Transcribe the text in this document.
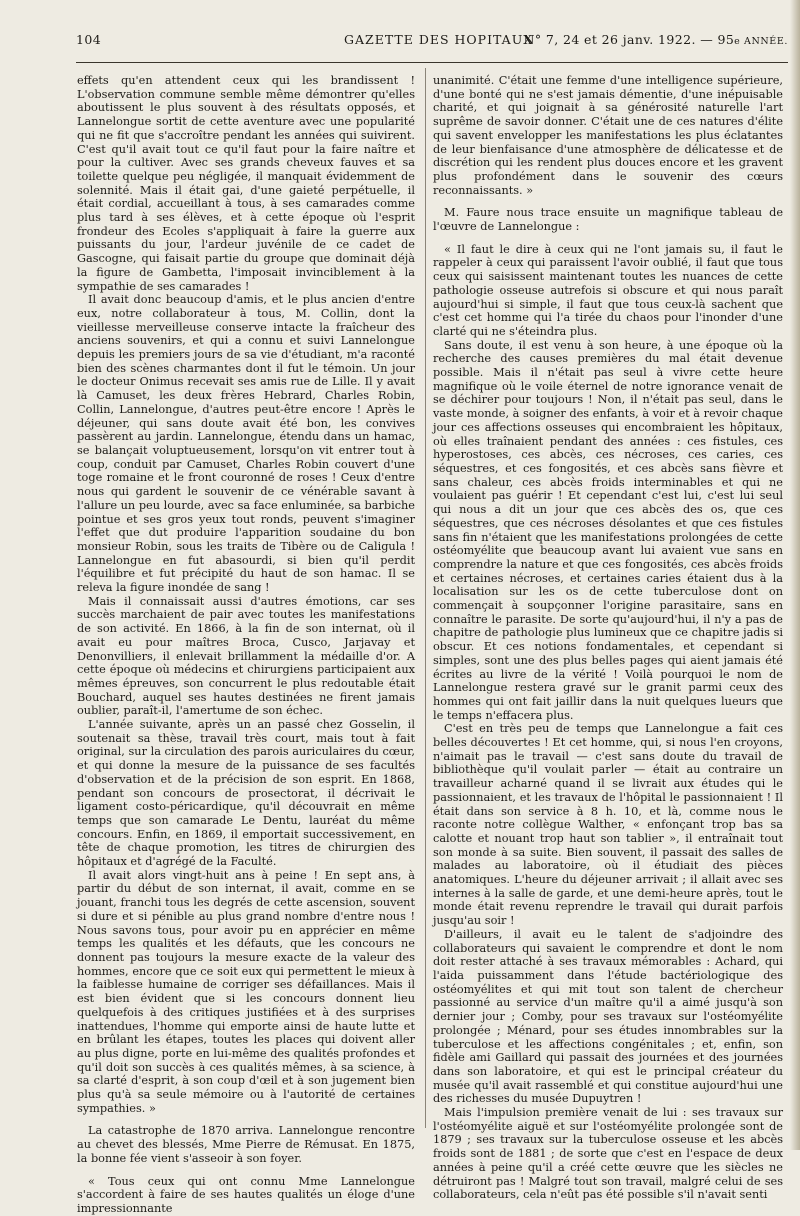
104	GAZETTE DES HOPITAUX
N° 7, 24 et 26 janv. 1922. — 95e ANNÉE.

effets qu'en attendent ceux qui les brandissent ! L'observation commune semble même démontrer qu'elles aboutissent le plus souvent à des résultats opposés, et Lannelongue sortit de cette aventure avec une popularité qui ne fit que s'accroître pendant les années qui suivirent. C'est qu'il avait tout ce qu'il faut pour la faire naître et pour la cultiver. Avec ses grands cheveux fauves et sa toilette quelque peu négligée, il manquait évidemment de solennité. Mais il était gai, d'une gaieté perpétuelle, il était cordial, accueillant à tous, à ses camarades comme plus tard à ses élèves, et à cette époque où l'esprit frondeur des Ecoles s'appliquait à faire la guerre aux puissants du jour, l'ardeur juvénile de ce cadet de Gascogne, qui faisait partie du groupe que dominait déjà la figure de Gambetta, l'imposait invinciblement à la sympathie de ses camarades !

Il avait donc beaucoup d'amis, et le plus ancien d'entre eux, notre collaborateur à tous, M. Collin, dont la vieillesse merveilleuse conserve intacte la fraîcheur des anciens souvenirs, et qui a connu et suivi Lannelongue depuis les premiers jours de sa vie d'étudiant, m'a raconté bien des scènes charmantes dont il fut le témoin. Un jour le docteur Onimus recevait ses amis rue de Lille. Il y avait là Camuset, les deux frères Hebrard, Charles Robin, Collin, Lannelongue, d'autres peut-être encore ! Après le déjeuner, qui sans doute avait été bon, les convives passèrent au jardin. Lannelongue, étendu dans un hamac, se balançait voluptueusement, lorsqu'on vit entrer tout à coup, conduit par Camuset, Charles Robin couvert d'une toge romaine et le front couronné de roses ! Ceux d'entre nous qui gardent le souvenir de ce vénérable savant à l'allure un peu lourde, avec sa face enluminée, sa barbiche pointue et ses gros yeux tout ronds, peuvent s'imaginer l'effet que dut produire l'apparition soudaine du bon monsieur Robin, sous les traits de Tibère ou de Caligula ! Lannelongue en fut abasourdi, si bien qu'il perdit l'équilibre et fut précipité du haut de son hamac. Il se releva la figure inondée de sang !

Mais il connaissait aussi d'autres émotions, car ses succès marchaient de pair avec toutes les manifestations de son activité. En 1866, à la fin de son internat, où il avait eu pour maîtres Broca, Cusco, Jarjavay et Denonvilliers, il enlevait brillamment la médaille d'or. A cette époque où médecins et chirurgiens participaient aux mêmes épreuves, son concurrent le plus redoutable était Bouchard, auquel ses hautes destinées ne firent jamais oublier, paraît-il, l'amertume de son échec.

L'année suivante, après un an passé chez Gosselin, il soutenait sa thèse, travail très court, mais tout à fait original, sur la circulation des parois auriculaires du cœur, et qui donne la mesure de la puissance de ses facultés d'observation et de la précision de son esprit. En 1868, pendant son concours de prosectorat, il décrivait le ligament costo-péricardique, qu'il découvrait en même temps que son camarade Le Dentu, lauréat du même concours. Enfin, en 1869, il emportait successivement, en tête de chaque promotion, les titres de chirurgien des hôpitaux et d'agrégé de la Faculté.

Il avait alors vingt-huit ans à peine ! En sept ans, à partir du début de son internat, il avait, comme en se jouant, franchi tous les degrés de cette ascension, souvent si dure et si pénible au plus grand nombre d'entre nous ! Nous savons tous, pour avoir pu en apprécier en même temps les qualités et les défauts, que les concours ne donnent pas toujours la mesure exacte de la valeur des hommes, encore que ce soit eux qui permettent le mieux à la faiblesse humaine de corriger ses défaillances. Mais il est bien évident que si les concours donnent lieu quelquefois à des critiques justifiées et à des surprises inattendues, l'homme qui emporte ainsi de haute lutte et en brûlant les étapes, toutes les places qui doivent aller au plus digne, porte en lui-même des qualités profondes et qu'il doit son succès à ces qualités mêmes, à sa science, à sa clarté d'esprit, à son coup d'œil et à son jugement bien plus qu'à sa seule mémoire ou à l'autorité de certaines sympathies. »

La catastrophe de 1870 arriva. Lannelongue rencontre au chevet des blessés, Mme Pierre de Rémusat. En 1875, la bonne fée vient s'asseoir à son foyer.

« Tous ceux qui ont connu Mme Lannelongue s'accordent à faire de ses hautes qualités un éloge d'une impressionnante

unanimité. C'était une femme d'une intelligence supérieure, d'une bonté qui ne s'est jamais démentie, d'une inépuisable charité, et qui joignait à sa générosité naturelle l'art suprême de savoir donner. C'était une de ces natures d'élite qui savent envelopper les manifestations les plus éclatantes de leur bienfaisance d'une atmosphère de délicatesse et de discrétion qui les rendent plus douces encore et les gravent plus profondément dans le souvenir des cœurs reconnaissants. »

M. Faure nous trace ensuite un magnifique tableau de l'œuvre de Lannelongue :

« Il faut le dire à ceux qui ne l'ont jamais su, il faut le rappeler à ceux qui paraissent l'avoir oublié, il faut que tous ceux qui saisissent maintenant toutes les nuances de cette pathologie osseuse autrefois si obscure et qui nous paraît aujourd'hui si simple, il faut que tous ceux-là sachent que c'est cet homme qui l'a tirée du chaos pour l'inonder d'une clarté qui ne s'éteindra plus.

Sans doute, il est venu à son heure, à une époque où la recherche des causes premières du mal était devenue possible. Mais il n'était pas seul à vivre cette heure magnifique où le voile éternel de notre ignorance venait de se déchirer pour toujours ! Non, il n'était pas seul, dans le vaste monde, à soigner des enfants, à voir et à revoir chaque jour ces affections osseuses qui encombraient les hôpitaux, où elles traînaient pendant des années : ces fistules, ces hyperostoses, ces abcès, ces nécroses, ces caries, ces séquestres, et ces fongosités, et ces abcès sans fièvre et sans chaleur, ces abcès froids interminables et qui ne voulaient pas guérir ! Et cependant c'est lui, c'est lui seul qui nous a dit un jour que ces abcès des os, que ces séquestres, que ces nécroses désolantes et que ces fistules sans fin n'étaient que les manifestations prolongées de cette ostéomyélite que beaucoup avant lui avaient vue sans en comprendre la nature et que ces fongosités, ces abcès froids et certaines nécroses, et certaines caries étaient dus à la localisation sur les os de cette tuberculose dont on commençait à soupçonner l'origine parasitaire, sans en connaître le parasite. De sorte qu'aujourd'hui, il n'y a pas de chapitre de pathologie plus lumineux que ce chapitre jadis si obscur. Et ces notions fondamentales, et cependant si simples, sont une des plus belles pages qui aient jamais été écrites au livre de la vérité ! Voilà pourquoi le nom de Lannelongue restera gravé sur le granit parmi ceux des hommes qui ont fait jaillir dans la nuit quelques lueurs que le temps n'effacera plus.

C'est en très peu de temps que Lannelongue a fait ces belles découvertes ! Et cet homme, qui, si nous l'en croyons, n'aimait pas le travail — c'est sans doute du travail de bibliothèque qu'il voulait parler — était au contraire un travailleur acharné quand il se livrait aux études qui le passionnaient, et les travaux de l'hôpital le passionnaient ! Il était dans son service à 8 h. 10, et là, comme nous le raconte notre collègue Walther, « enfonçant trop bas sa calotte et nouant trop haut son tablier », il entraînait tout son monde à sa suite. Bien souvent, il passait des salles de malades au laboratoire, où il étudiait des pièces anatomiques. L'heure du déjeuner arrivait ; il allait avec ses internes à la salle de garde, et une demi-heure après, tout le monde était revenu reprendre le travail qui durait parfois jusqu'au soir !

D'ailleurs, il avait eu le talent de s'adjoindre des collaborateurs qui savaient le comprendre et dont le nom doit rester attaché à ses travaux mémorables : Achard, qui l'aida puissamment dans l'étude bactériologique des ostéomyélites et qui mit tout son talent de chercheur passionné au service d'un maître qu'il a aimé jusqu'à son dernier jour ; Comby, pour ses travaux sur l'ostéomyélite prolongée ; Ménard, pour ses études innombrables sur la tuberculose et les affections congénitales ; et, enfin, son fidèle ami Gaillard qui passait des journées et des journées dans son laboratoire, et qui est le principal créateur du musée qu'il avait rassemblé et qui constitue aujourd'hui une des richesses du musée Dupuytren !

Mais l'impulsion première venait de lui : ses travaux sur l'ostéomyélite aiguë et sur l'ostéomyélite prolongée sont de 1879 ; ses travaux sur la tuberculose osseuse et les abcès froids sont de 1881 ; de sorte que c'est en l'espace de deux années à peine qu'il a créé cette œuvre que les siècles ne détruiront pas ! Malgré tout son travail, malgré celui de ses collaborateurs, cela n'eût pas été possible s'il n'avait senti
